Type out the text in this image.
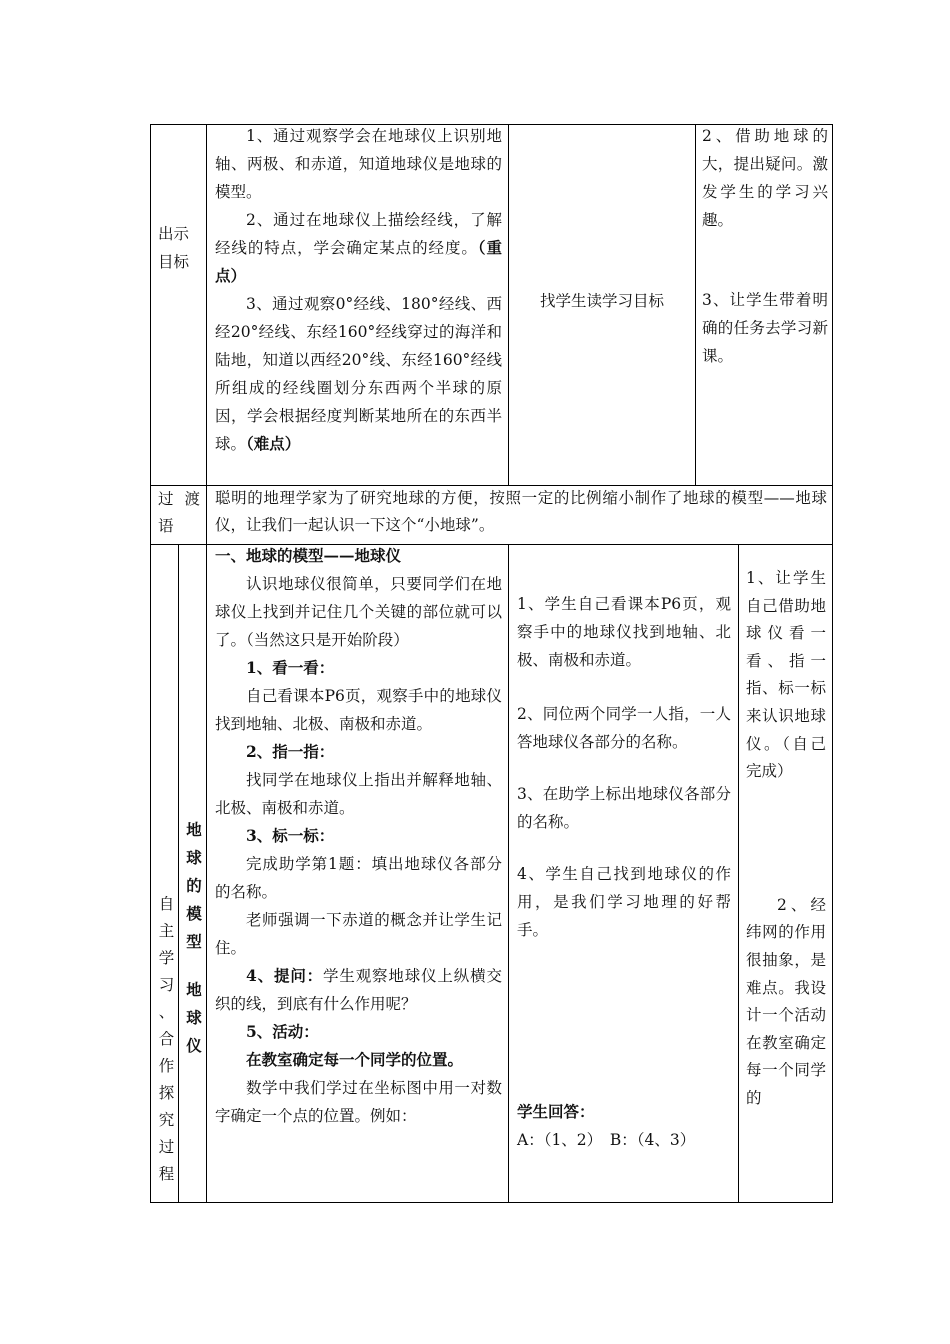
出示目标

1、通过观察学会在地球仪上识别地轴、两极、和赤道，知道地球仪是地球的模型。

2、通过在地球仪上描绘经线，了解经线的特点，学会确定某点的经度。（重点）

3、通过观察0°经线、180°经线、西经20°经线、东经160°经线穿过的海洋和陆地，知道以西经20°线、东经160°经线所组成的经线圈划分东西两个半球的原因，学会根据经度判断某地所在的东西半球。（难点）

找学生读学习目标

2、借助地球的大，提出疑问。激发学生的学习兴趣。

3、让学生带着明确的任务去学习新课。

过 渡
语

聪明的地理学家为了研究地球的方便，按照一定的比例缩小制作了地球的模型——地球仪，让我们一起认识一下这个“小地球”。

自
主
学
习
、
合
作
探
究
过
程
地
球
的
模
型
地
球
仪

一、地球的模型——地球仪

认识地球仪很简单，只要同学们在地球仪上找到并记住几个关键的部位就可以了。（当然这只是开始阶段）

1、看一看：

自己看课本P6页，观察手中的地球仪找到地轴、北极、南极和赤道。

2、指一指：

找同学在地球仪上指出并解释地轴、北极、南极和赤道。

3、标一标：

完成助学第1题：填出地球仪各部分的名称。

老师强调一下赤道的概念并让学生记住。

4、提问：学生观察地球仪上纵横交织的线，到底有什么作用呢？

5、活动：

在教室确定每一个同学的位置。

数学中我们学过在坐标图中用一对数字确定一个点的位置。例如：

1、学生自己看课本P6页，观察手中的地球仪找到地轴、北极、南极和赤道。

2、同位两个同学一人指，一人答地球仪各部分的名称。

3、在助学上标出地球仪各部分的名称。

4、学生自己找到地球仪的作用，是我们学习地理的好帮手。

学生回答：

A：（1、2）　B：（4、3）

1、让学生自己借助地球仪看一看、指一指、标一标来认识地球仪。（自己完成）

2、经纬网的作用很抽象，是难点。我设计一个活动在教室确定每一个同学的
